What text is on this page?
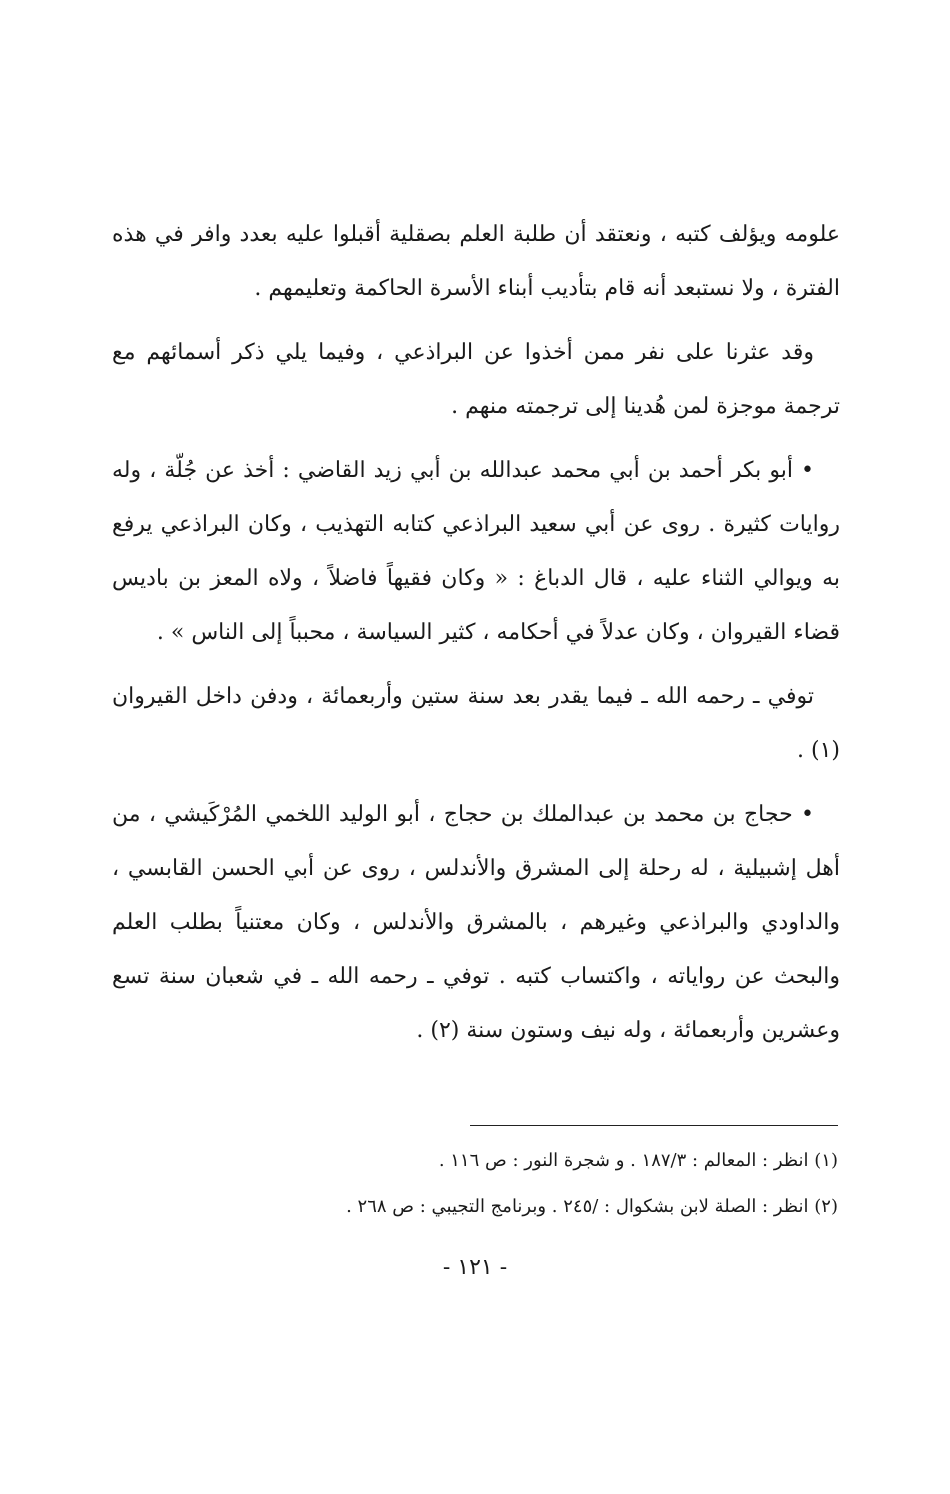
علومه ويؤلف كتبه ، ونعتقد أن طلبة العلم بصقلية أقبلوا عليه بعدد وافر في هذه الفترة ، ولا نستبعد أنه قام بتأديب أبناء الأسرة الحاكمة وتعليمهم .

وقد عثرنا على نفر ممن أخذوا عن البراذعي ، وفيما يلي ذكر أسمائهم مع ترجمة موجزة لمن هُدينا إلى ترجمته منهم .

• أبو بكر أحمد بن أبي محمد عبدالله بن أبي زيد القاضي : أخذ عن جُلّة ، وله روايات كثيرة . روى عن أبي سعيد البراذعي كتابه التهذيب ، وكان البراذعي يرفع به ويوالي الثناء عليه ، قال الدباغ : « وكان فقيهاً فاضلاً ، ولاه المعز بن باديس قضاء القيروان ، وكان عدلاً في أحكامه ، كثير السياسة ، محبباً إلى الناس » .

توفي ـ رحمه الله ـ فيما يقدر بعد سنة ستين وأربعمائة ، ودفن داخل القيروان (١) .

• حجاج بن محمد بن عبدالملك بن حجاج ، أبو الوليد اللخمي المُرْكَيشي ، من أهل إشبيلية ، له رحلة إلى المشرق والأندلس ، روى عن أبي الحسن القابسي ، والداودي والبراذعي وغيرهم ، بالمشرق والأندلس ، وكان معتنياً بطلب العلم والبحث عن رواياته ، واكتساب كتبه . توفي ـ رحمه الله ـ في شعبان سنة تسع وعشرين وأربعمائة ، وله نيف وستون سنة (٢) .

(١) انظر : المعالم : ١٨٧/٣ . و شجرة النور : ص ١١٦ .

(٢) انظر : الصلة لابن بشكوال : /٢٤٥ . وبرنامج التجيبي : ص ٢٦٨ .

- ١٢١ -
